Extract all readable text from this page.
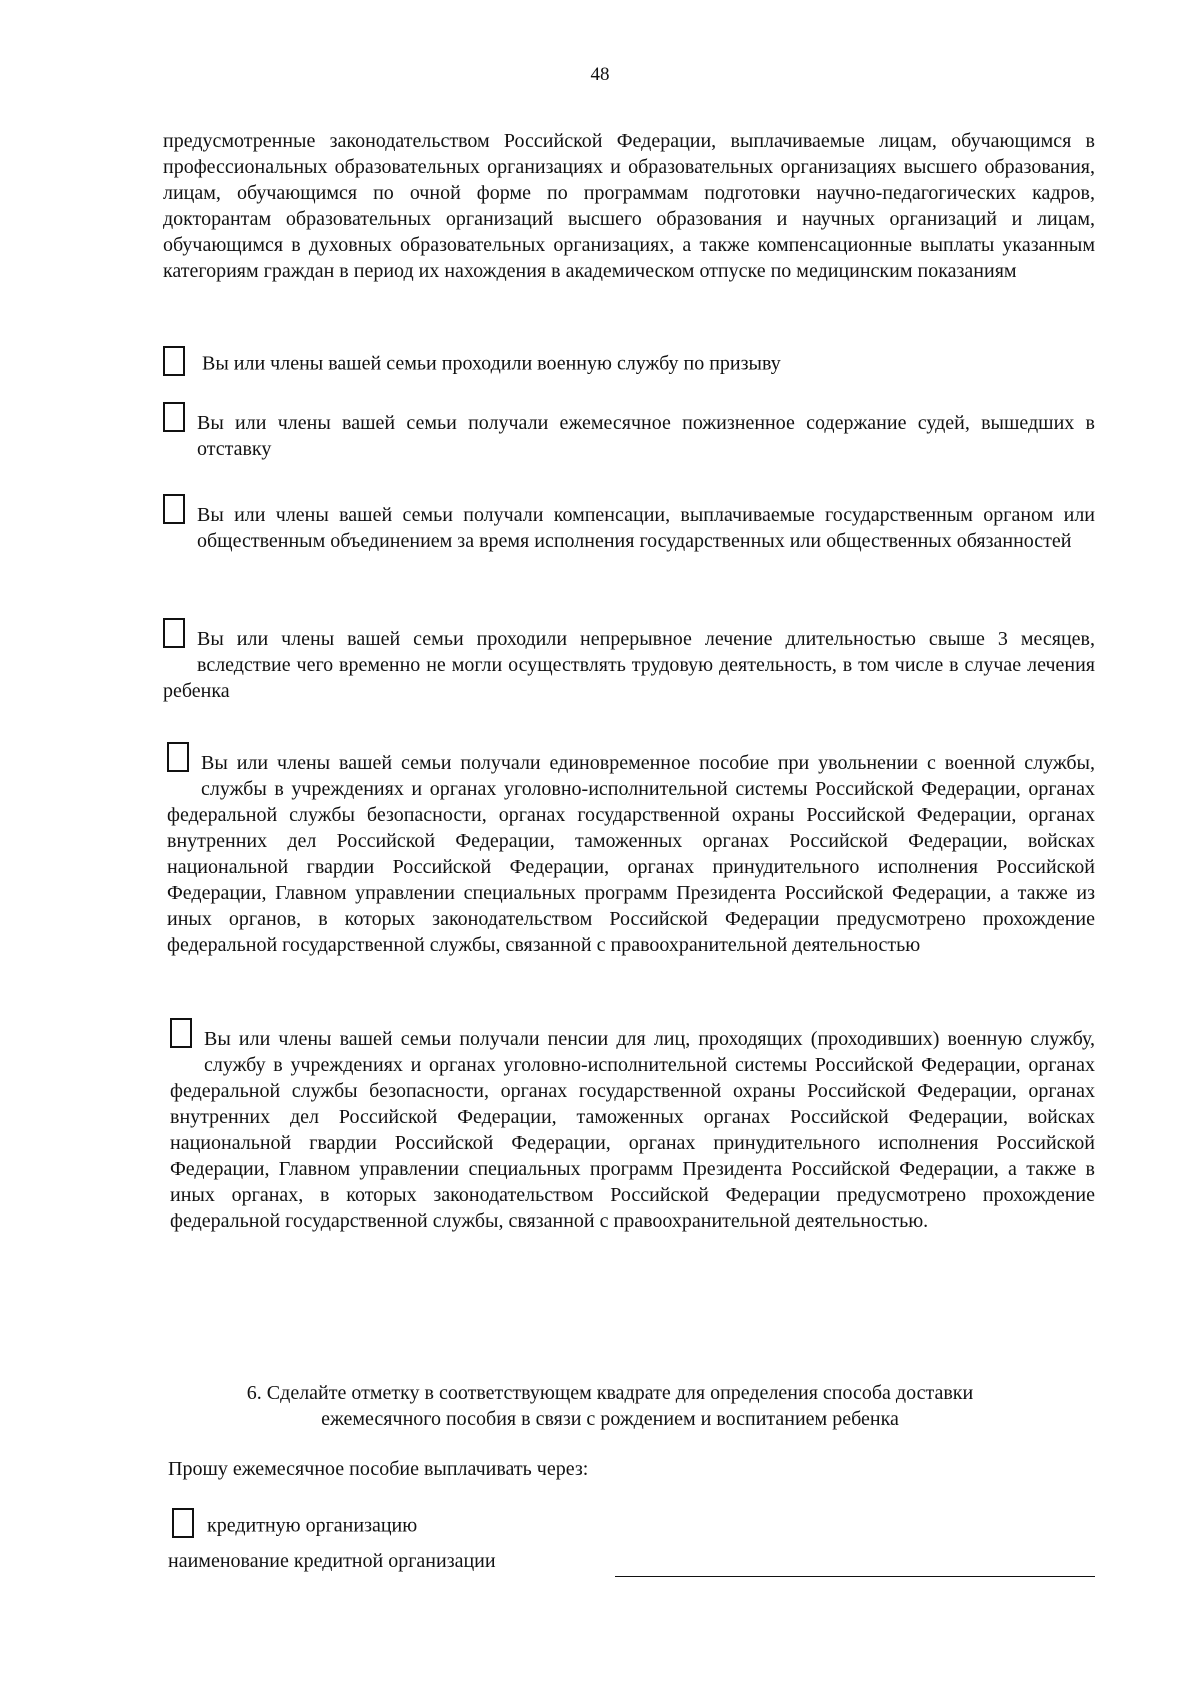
48
предусмотренные законодательством Российской Федерации, выплачиваемые лицам, обучающимся в профессиональных образовательных организациях и образовательных организациях высшего образования, лицам, обучающимся по очной форме по программам подготовки научно-педагогических кадров, докторантам образовательных организаций высшего образования и научных организаций и лицам, обучающимся в духовных образовательных организациях, а также компенсационные выплаты указанным категориям граждан в период их нахождения в академическом отпуске по медицинским показаниям
Вы или члены вашей семьи проходили военную службу по призыву
Вы или члены вашей семьи получали ежемесячное пожизненное содержание судей, вышедших в отставку
Вы или члены вашей семьи получали компенсации, выплачиваемые государственным органом или общественным объединением за время исполнения государственных или общественных обязанностей
Вы или члены вашей семьи проходили непрерывное лечение длительностью свыше 3 месяцев, вследствие чего временно не могли осуществлять трудовую деятельность, в том числе в случае лечения ребенка
Вы или члены вашей семьи получали единовременное пособие при увольнении с военной службы, службы в учреждениях и органах уголовно-исполнительной системы Российской Федерации, органах федеральной службы безопасности, органах государственной охраны Российской Федерации, органах внутренних дел Российской Федерации, таможенных органах Российской Федерации, войсках национальной гвардии Российской Федерации, органах принудительного исполнения Российской Федерации, Главном управлении специальных программ Президента Российской Федерации, а также из иных органов, в которых законодательством Российской Федерации предусмотрено прохождение федеральной государственной службы, связанной с правоохранительной деятельностью
Вы или члены вашей семьи получали пенсии для лиц, проходящих (проходивших) военную службу, службу в учреждениях и органах уголовно-исполнительной системы Российской Федерации, органах федеральной службы безопасности, органах государственной охраны Российской Федерации, органах внутренних дел Российской Федерации, таможенных органах Российской Федерации, войсках национальной гвардии Российской Федерации, органах принудительного исполнения Российской Федерации, Главном управлении специальных программ Президента Российской Федерации, а также в иных органах, в которых законодательством Российской Федерации предусмотрено прохождение федеральной государственной службы, связанной с правоохранительной деятельностью.
6. Сделайте отметку в соответствующем квадрате для определения способа доставки
ежемесячного пособия в связи с рождением и воспитанием ребенка
Прошу ежемесячное пособие выплачивать через:
кредитную организацию
наименование кредитной организации
